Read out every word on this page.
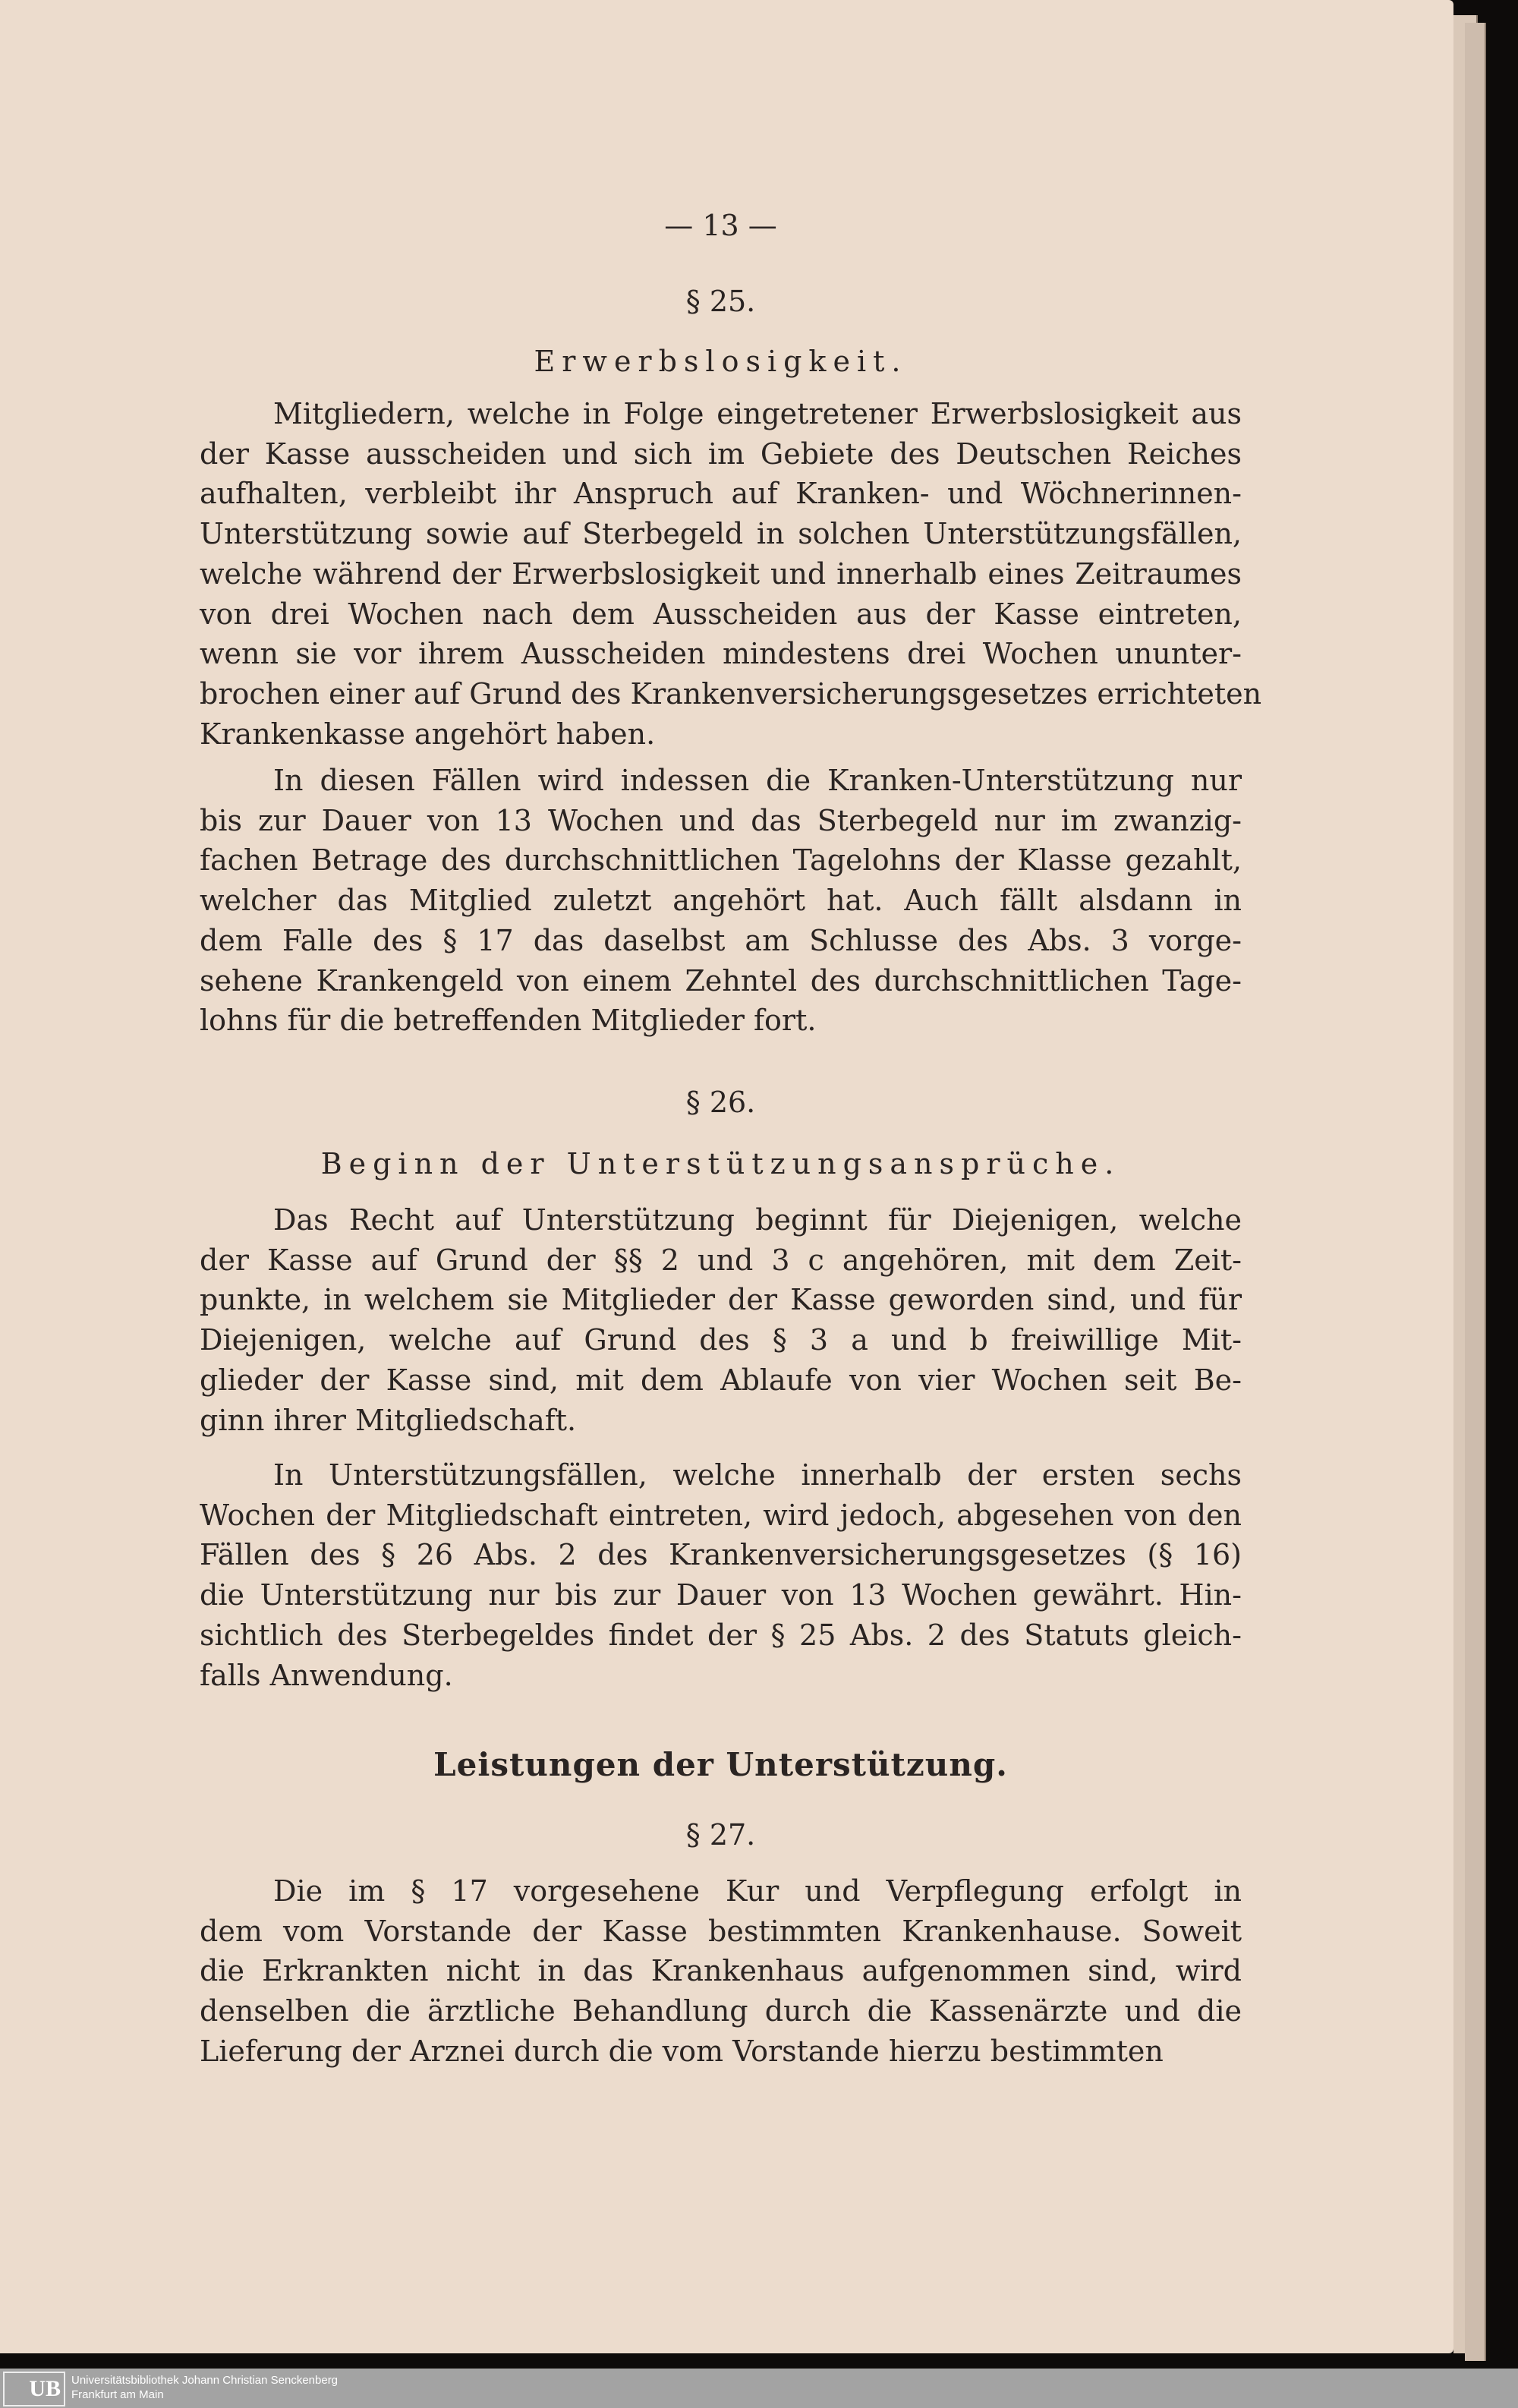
— 13 —
§ 25.
Erwerbslosigkeit.
Mitgliedern, welche in Folge eingetretener Erwerbslosigkeit aus
der Kasse ausscheiden und sich im Gebiete des Deutschen Reiches
aufhalten, verbleibt ihr Anspruch auf Kranken- und Wöchnerinnen-
Unterstützung sowie auf Sterbegeld in solchen Unterstützungsfällen,
welche während der Erwerbslosigkeit und innerhalb eines Zeitraumes
von drei Wochen nach dem Ausscheiden aus der Kasse eintreten,
wenn sie vor ihrem Ausscheiden mindestens drei Wochen ununter-
brochen einer auf Grund des Krankenversicherungsgesetzes errichteten
Krankenkasse angehört haben.
In diesen Fällen wird indessen die Kranken-Unterstützung nur
bis zur Dauer von 13 Wochen und das Sterbegeld nur im zwanzig-
fachen Betrage des durchschnittlichen Tagelohns der Klasse gezahlt,
welcher das Mitglied zuletzt angehört hat. Auch fällt alsdann in
dem Falle des § 17 das daselbst am Schlusse des Abs. 3 vorge-
sehene Krankengeld von einem Zehntel des durchschnittlichen Tage-
lohns für die betreffenden Mitglieder fort.
§ 26.
Beginn der Unterstützungsansprüche.
Das Recht auf Unterstützung beginnt für Diejenigen, welche
der Kasse auf Grund der §§ 2 und 3 c angehören, mit dem Zeit-
punkte, in welchem sie Mitglieder der Kasse geworden sind, und für
Diejenigen, welche auf Grund des § 3 a und b freiwillige Mit-
glieder der Kasse sind, mit dem Ablaufe von vier Wochen seit Be-
ginn ihrer Mitgliedschaft.
In Unterstützungsfällen, welche innerhalb der ersten sechs
Wochen der Mitgliedschaft eintreten, wird jedoch, abgesehen von den
Fällen des § 26 Abs. 2 des Krankenversicherungsgesetzes (§ 16)
die Unterstützung nur bis zur Dauer von 13 Wochen gewährt. Hin-
sichtlich des Sterbegeldes findet der § 25 Abs. 2 des Statuts gleich-
falls Anwendung.
Leistungen der Unterstützung.
§ 27.
Die im § 17 vorgesehene Kur und Verpflegung erfolgt in
dem vom Vorstande der Kasse bestimmten Krankenhause. Soweit
die Erkrankten nicht in das Krankenhaus aufgenommen sind, wird
denselben die ärztliche Behandlung durch die Kassenärzte und die
Lieferung der Arznei durch die vom Vorstande hierzu bestimmten
UB Universitätsbibliothek Johann Christian Senckenberg
Frankfurt am Main
